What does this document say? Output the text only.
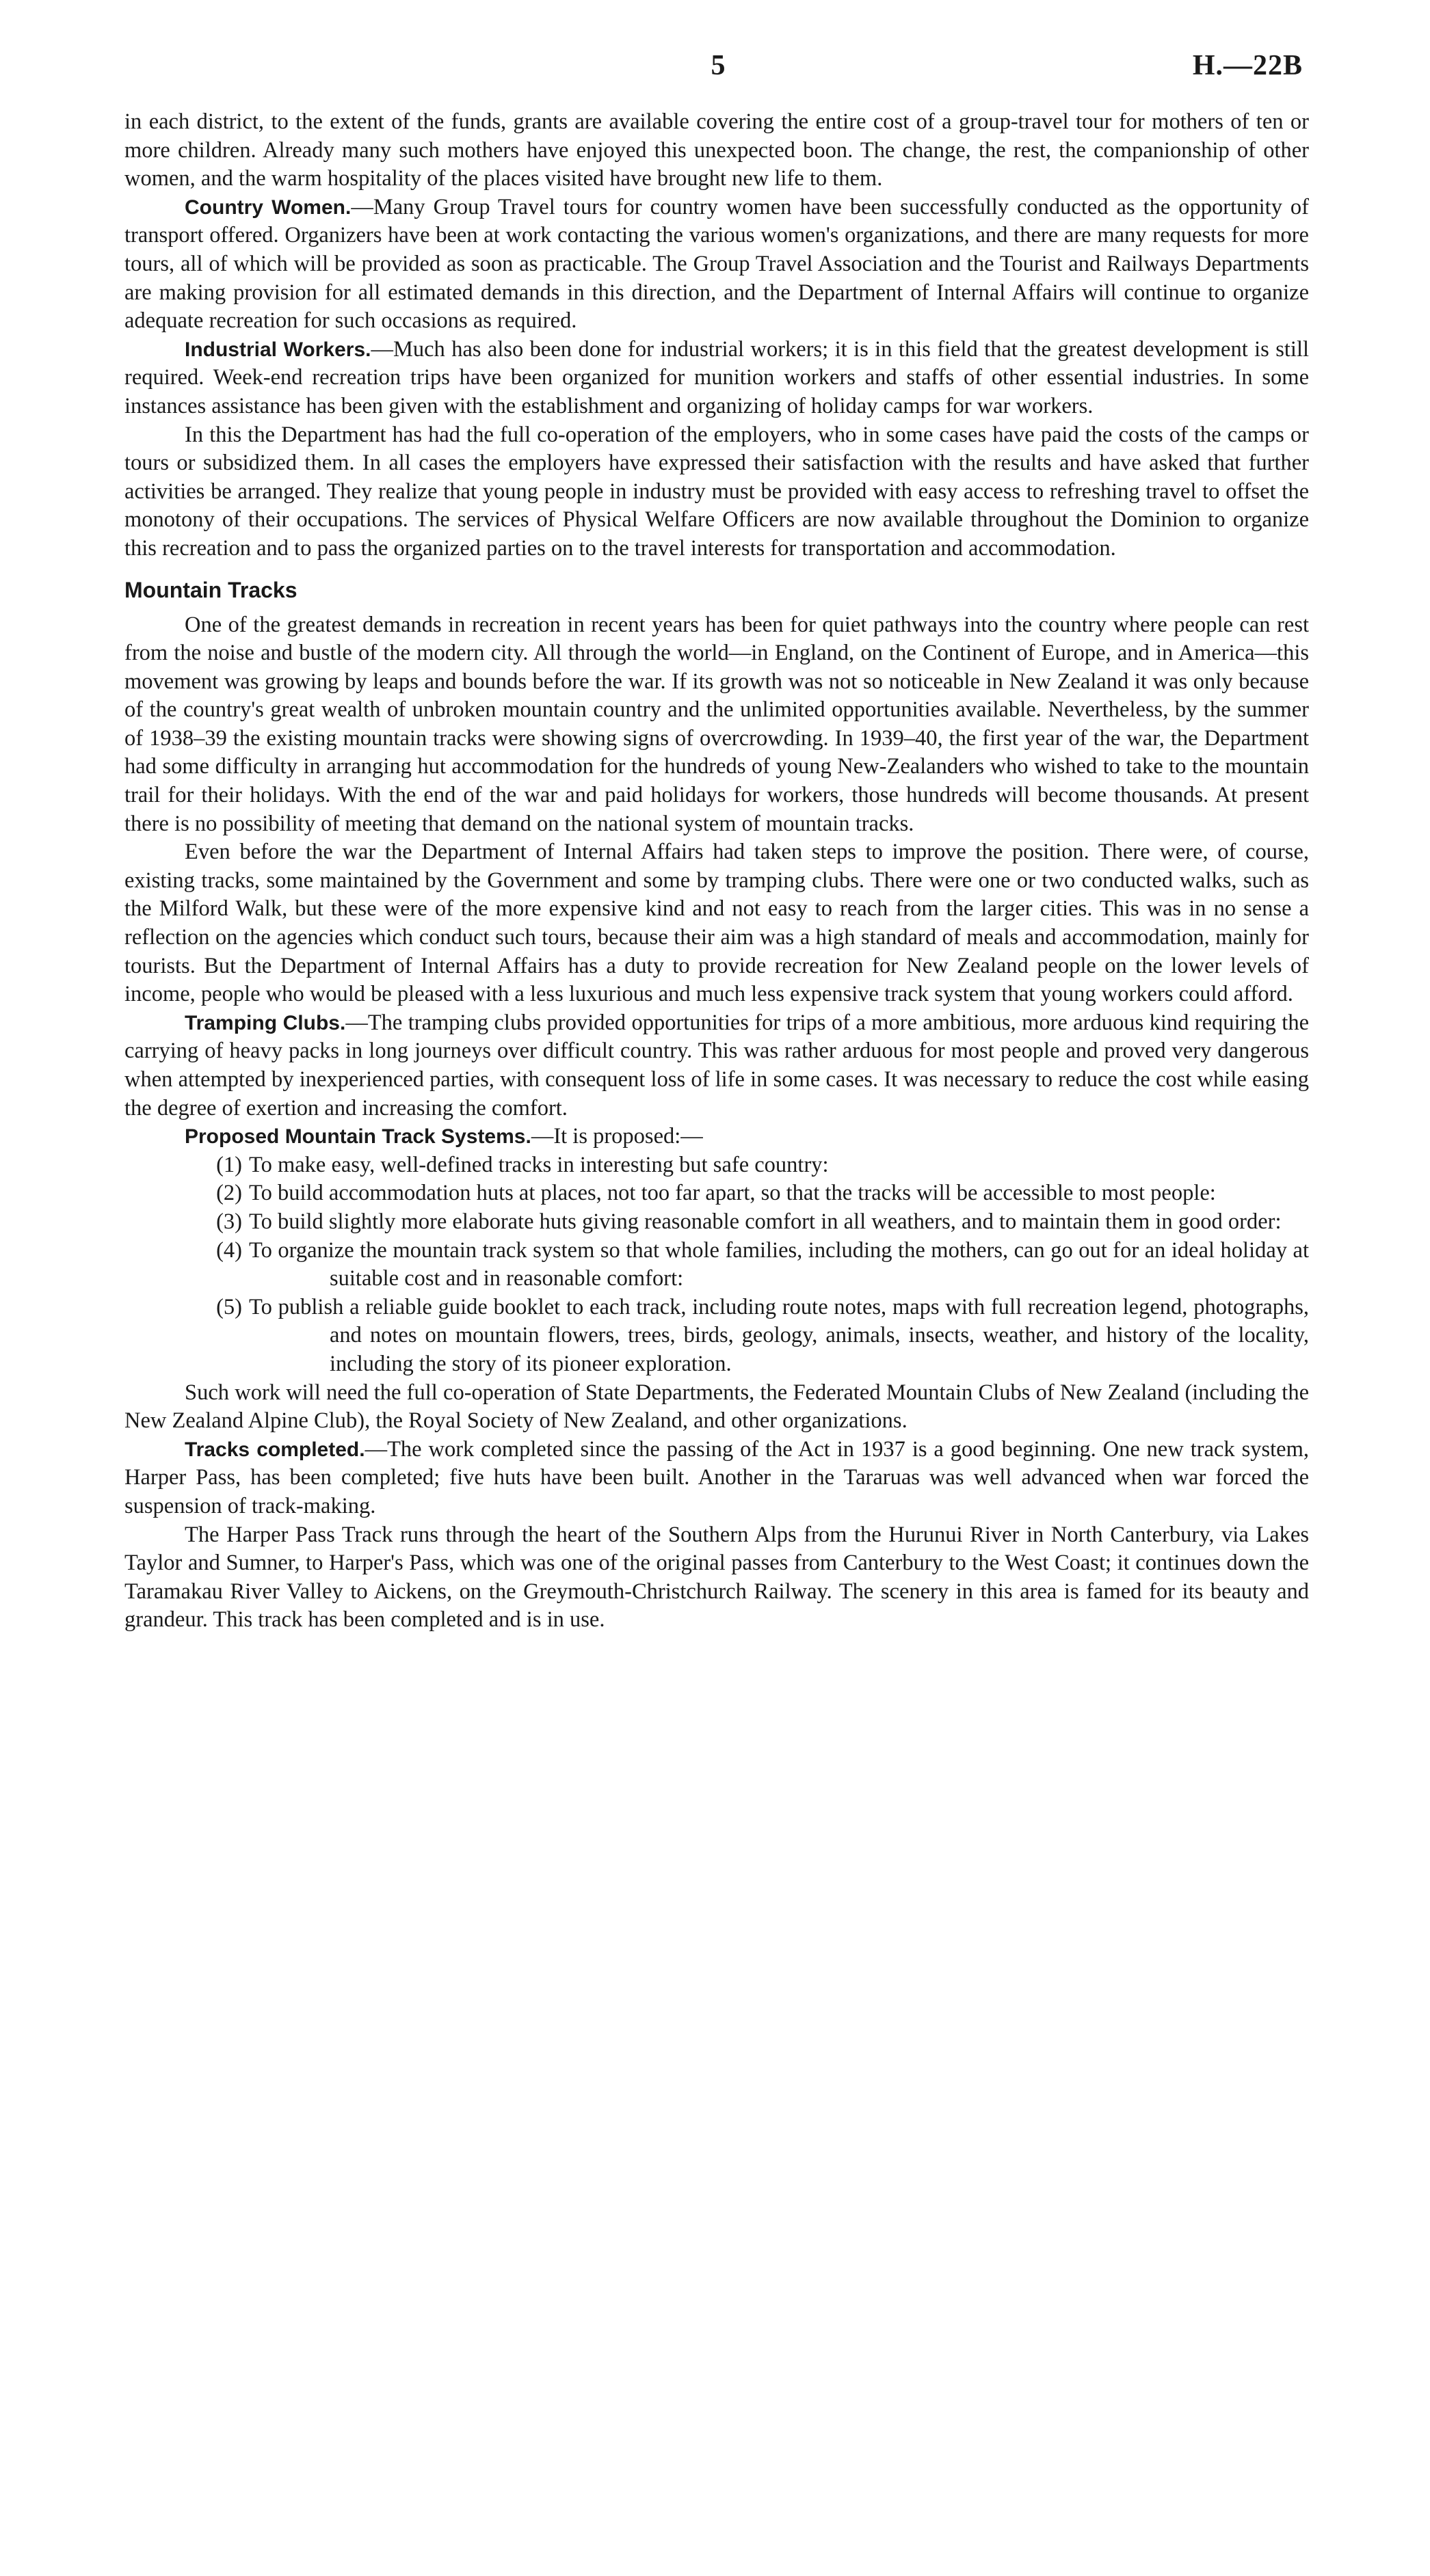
5	H.—22B

in each district, to the extent of the funds, grants are available covering the entire cost of a group-travel tour for mothers of ten or more children. Already many such mothers have enjoyed this unexpected boon. The change, the rest, the companionship of other women, and the warm hospitality of the places visited have brought new life to them.

Country Women.—Many Group Travel tours for country women have been successfully conducted as the opportunity of transport offered. Organizers have been at work contacting the various women's organizations, and there are many requests for more tours, all of which will be provided as soon as practicable. The Group Travel Association and the Tourist and Railways Departments are making provision for all estimated demands in this direction, and the Department of Internal Affairs will continue to organize adequate recreation for such occasions as required.

Industrial Workers.—Much has also been done for industrial workers; it is in this field that the greatest development is still required. Week-end recreation trips have been organized for munition workers and staffs of other essential industries. In some instances assistance has been given with the establishment and organizing of holiday camps for war workers.

In this the Department has had the full co-operation of the employers, who in some cases have paid the costs of the camps or tours or subsidized them. In all cases the employers have expressed their satisfaction with the results and have asked that further activities be arranged. They realize that young people in industry must be provided with easy access to refreshing travel to offset the monotony of their occupations. The services of Physical Welfare Officers are now available throughout the Dominion to organize this recreation and to pass the organized parties on to the travel interests for transportation and accommodation.

Mountain Tracks

One of the greatest demands in recreation in recent years has been for quiet pathways into the country where people can rest from the noise and bustle of the modern city. All through the world—in England, on the Continent of Europe, and in America—this movement was growing by leaps and bounds before the war. If its growth was not so noticeable in New Zealand it was only because of the country's great wealth of unbroken mountain country and the unlimited opportunities available. Nevertheless, by the summer of 1938–39 the existing mountain tracks were showing signs of overcrowding. In 1939–40, the first year of the war, the Department had some difficulty in arranging hut accommodation for the hundreds of young New-Zealanders who wished to take to the mountain trail for their holidays. With the end of the war and paid holidays for workers, those hundreds will become thousands. At present there is no possibility of meeting that demand on the national system of mountain tracks.

Even before the war the Department of Internal Affairs had taken steps to improve the position. There were, of course, existing tracks, some maintained by the Government and some by tramping clubs. There were one or two conducted walks, such as the Milford Walk, but these were of the more expensive kind and not easy to reach from the larger cities. This was in no sense a reflection on the agencies which conduct such tours, because their aim was a high standard of meals and accommodation, mainly for tourists. But the Department of Internal Affairs has a duty to provide recreation for New Zealand people on the lower levels of income, people who would be pleased with a less luxurious and much less expensive track system that young workers could afford.

Tramping Clubs.—The tramping clubs provided opportunities for trips of a more ambitious, more arduous kind requiring the carrying of heavy packs in long journeys over difficult country. This was rather arduous for most people and proved very dangerous when attempted by inexperienced parties, with consequent loss of life in some cases. It was necessary to reduce the cost while easing the degree of exertion and increasing the comfort.

Proposed Mountain Track Systems.—It is proposed:—

(1) To make easy, well-defined tracks in interesting but safe country:
(2) To build accommodation huts at places, not too far apart, so that the tracks will be accessible to most people:
(3) To build slightly more elaborate huts giving reasonable comfort in all weathers, and to maintain them in good order:
(4) To organize the mountain track system so that whole families, including the mothers, can go out for an ideal holiday at suitable cost and in reasonable comfort:
(5) To publish a reliable guide booklet to each track, including route notes, maps with full recreation legend, photographs, and notes on mountain flowers, trees, birds, geology, animals, insects, weather, and history of the locality, including the story of its pioneer exploration.

Such work will need the full co-operation of State Departments, the Federated Mountain Clubs of New Zealand (including the New Zealand Alpine Club), the Royal Society of New Zealand, and other organizations.

Tracks completed.—The work completed since the passing of the Act in 1937 is a good beginning. One new track system, Harper Pass, has been completed; five huts have been built. Another in the Tararuas was well advanced when war forced the suspension of track-making.

The Harper Pass Track runs through the heart of the Southern Alps from the Hurunui River in North Canterbury, via Lakes Taylor and Sumner, to Harper's Pass, which was one of the original passes from Canterbury to the West Coast; it continues down the Taramakau River Valley to Aickens, on the Greymouth-Christchurch Railway. The scenery in this area is famed for its beauty and grandeur. This track has been completed and is in use.
